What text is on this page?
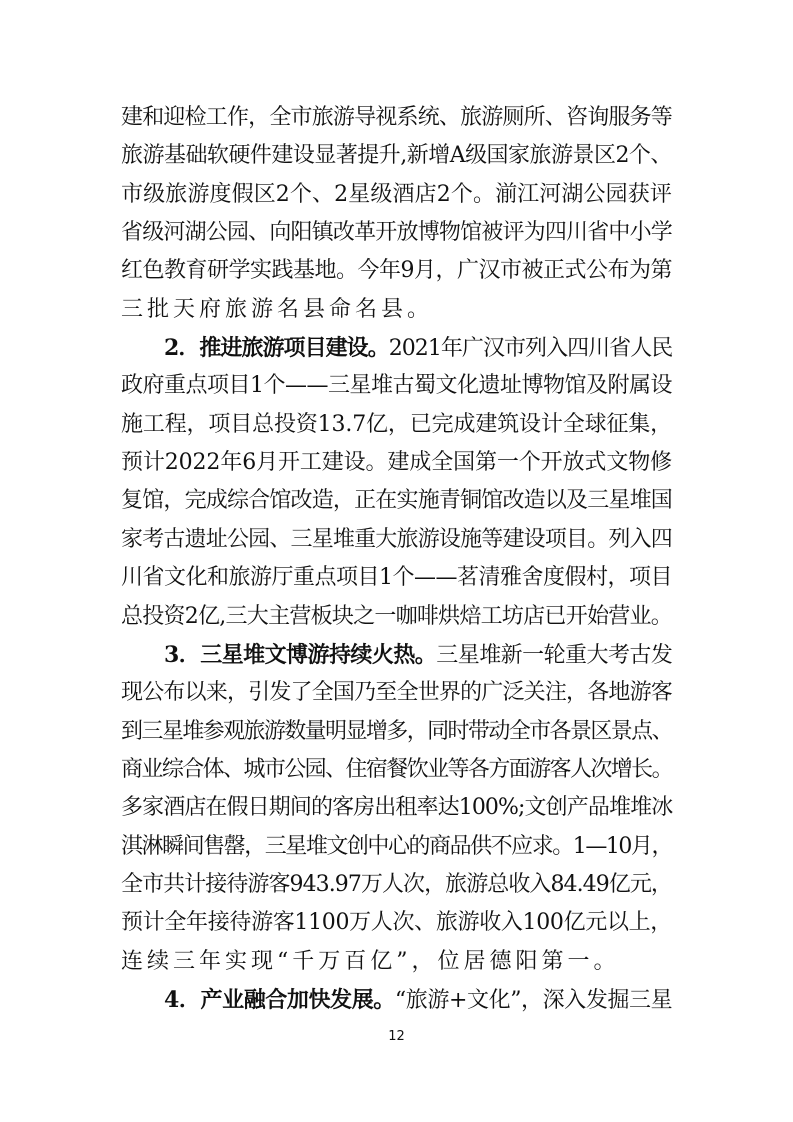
建和迎检工作，全市旅游导视系统、旅游厕所、咨询服务等
旅游基础软硬件建设显著提升,新增A级国家旅游景区2个、
市级旅游度假区2个、2星级酒店2个。湔江河湖公园获评
省级河湖公园、向阳镇改革开放博物馆被评为四川省中小学
红色教育研学实践基地。今年9月，广汉市被正式公布为第
三批天府旅游名县命名县。
2．推进旅游项目建设。2021年广汉市列入四川省人民
政府重点项目1个——三星堆古蜀文化遗址博物馆及附属设
施工程，项目总投资13.7亿，已完成建筑设计全球征集，
预计2022年6月开工建设。建成全国第一个开放式文物修
复馆，完成综合馆改造，正在实施青铜馆改造以及三星堆国
家考古遗址公园、三星堆重大旅游设施等建设项目。列入四
川省文化和旅游厅重点项目1个——茗清雅舍度假村，项目
总投资2亿,三大主营板块之一咖啡烘焙工坊店已开始营业。
3．三星堆文博游持续火热。三星堆新一轮重大考古发
现公布以来，引发了全国乃至全世界的广泛关注，各地游客
到三星堆参观旅游数量明显增多，同时带动全市各景区景点、
商业综合体、城市公园、住宿餐饮业等各方面游客人次增长。
多家酒店在假日期间的客房出租率达100%;文创产品堆堆冰
淇淋瞬间售罄，三星堆文创中心的商品供不应求。1—10月，
全市共计接待游客943.97万人次，旅游总收入84.49亿元，
预计全年接待游客1100万人次、旅游收入100亿元以上，
连续三年实现“千万百亿”，位居德阳第一。
4．产业融合加快发展。“旅游+文化”，深入发掘三星
12
